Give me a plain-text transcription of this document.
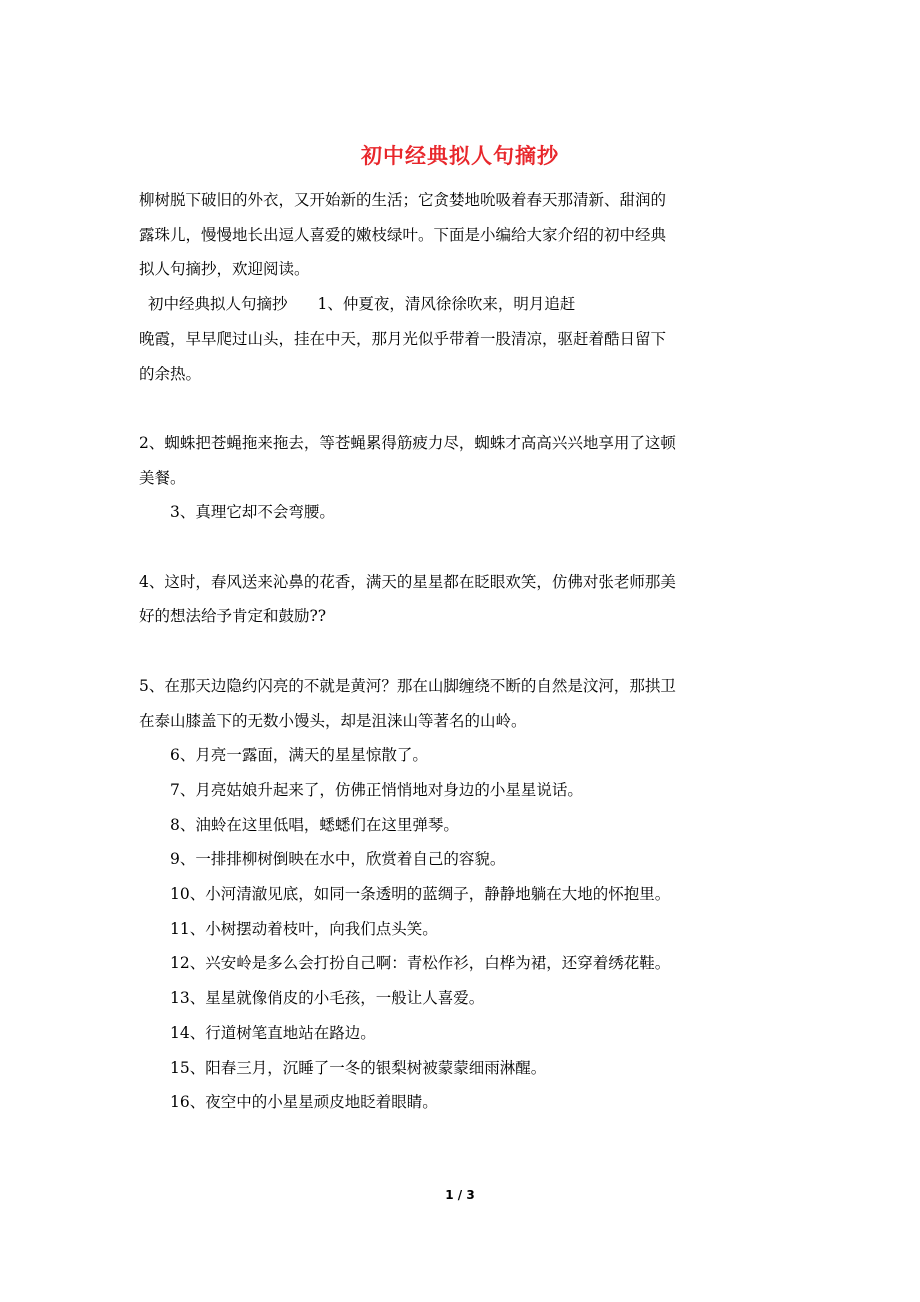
初中经典拟人句摘抄

柳树脱下破旧的外衣，又开始新的生活；它贪婪地吮吸着春天那清新、甜润的

露珠儿，慢慢地长出逗人喜爱的嫩枝绿叶。下面是小编给大家介绍的初中经典

拟人句摘抄，欢迎阅读。

初中经典拟人句摘抄 1、仲夏夜，清风徐徐吹来，明月追赶

晚霞，早早爬过山头，挂在中天，那月光似乎带着一股清凉，驱赶着酷日留下

的余热。

2、蜘蛛把苍蝇拖来拖去，等苍蝇累得筋疲力尽，蜘蛛才高高兴兴地享用了这顿

美餐。

3、真理它却不会弯腰。

4、这时，春风送来沁鼻的花香，满天的星星都在眨眼欢笑，仿佛对张老师那美

好的想法给予肯定和鼓励??

5、在那天边隐约闪亮的不就是黄河？那在山脚缠绕不断的自然是汶河，那拱卫

在泰山膝盖下的无数小馒头，却是沮涞山等著名的山岭。

6、月亮一露面，满天的星星惊散了。

7、月亮姑娘升起来了，仿佛正悄悄地对身边的小星星说话。

8、油蛉在这里低唱，蟋蟋们在这里弹琴。

9、一排排柳树倒映在水中，欣赏着自己的容貌。

10、小河清澈见底，如同一条透明的蓝绸子，静静地躺在大地的怀抱里。

11、小树摆动着枝叶，向我们点头笑。

12、兴安岭是多么会打扮自己啊：青松作衫，白桦为裙，还穿着绣花鞋。

13、星星就像俏皮的小毛孩，一般让人喜爱。

14、行道树笔直地站在路边。

15、阳春三月，沉睡了一冬的银梨树被蒙蒙细雨淋醒。

16、夜空中的小星星顽皮地眨着眼睛。

1 / 3
